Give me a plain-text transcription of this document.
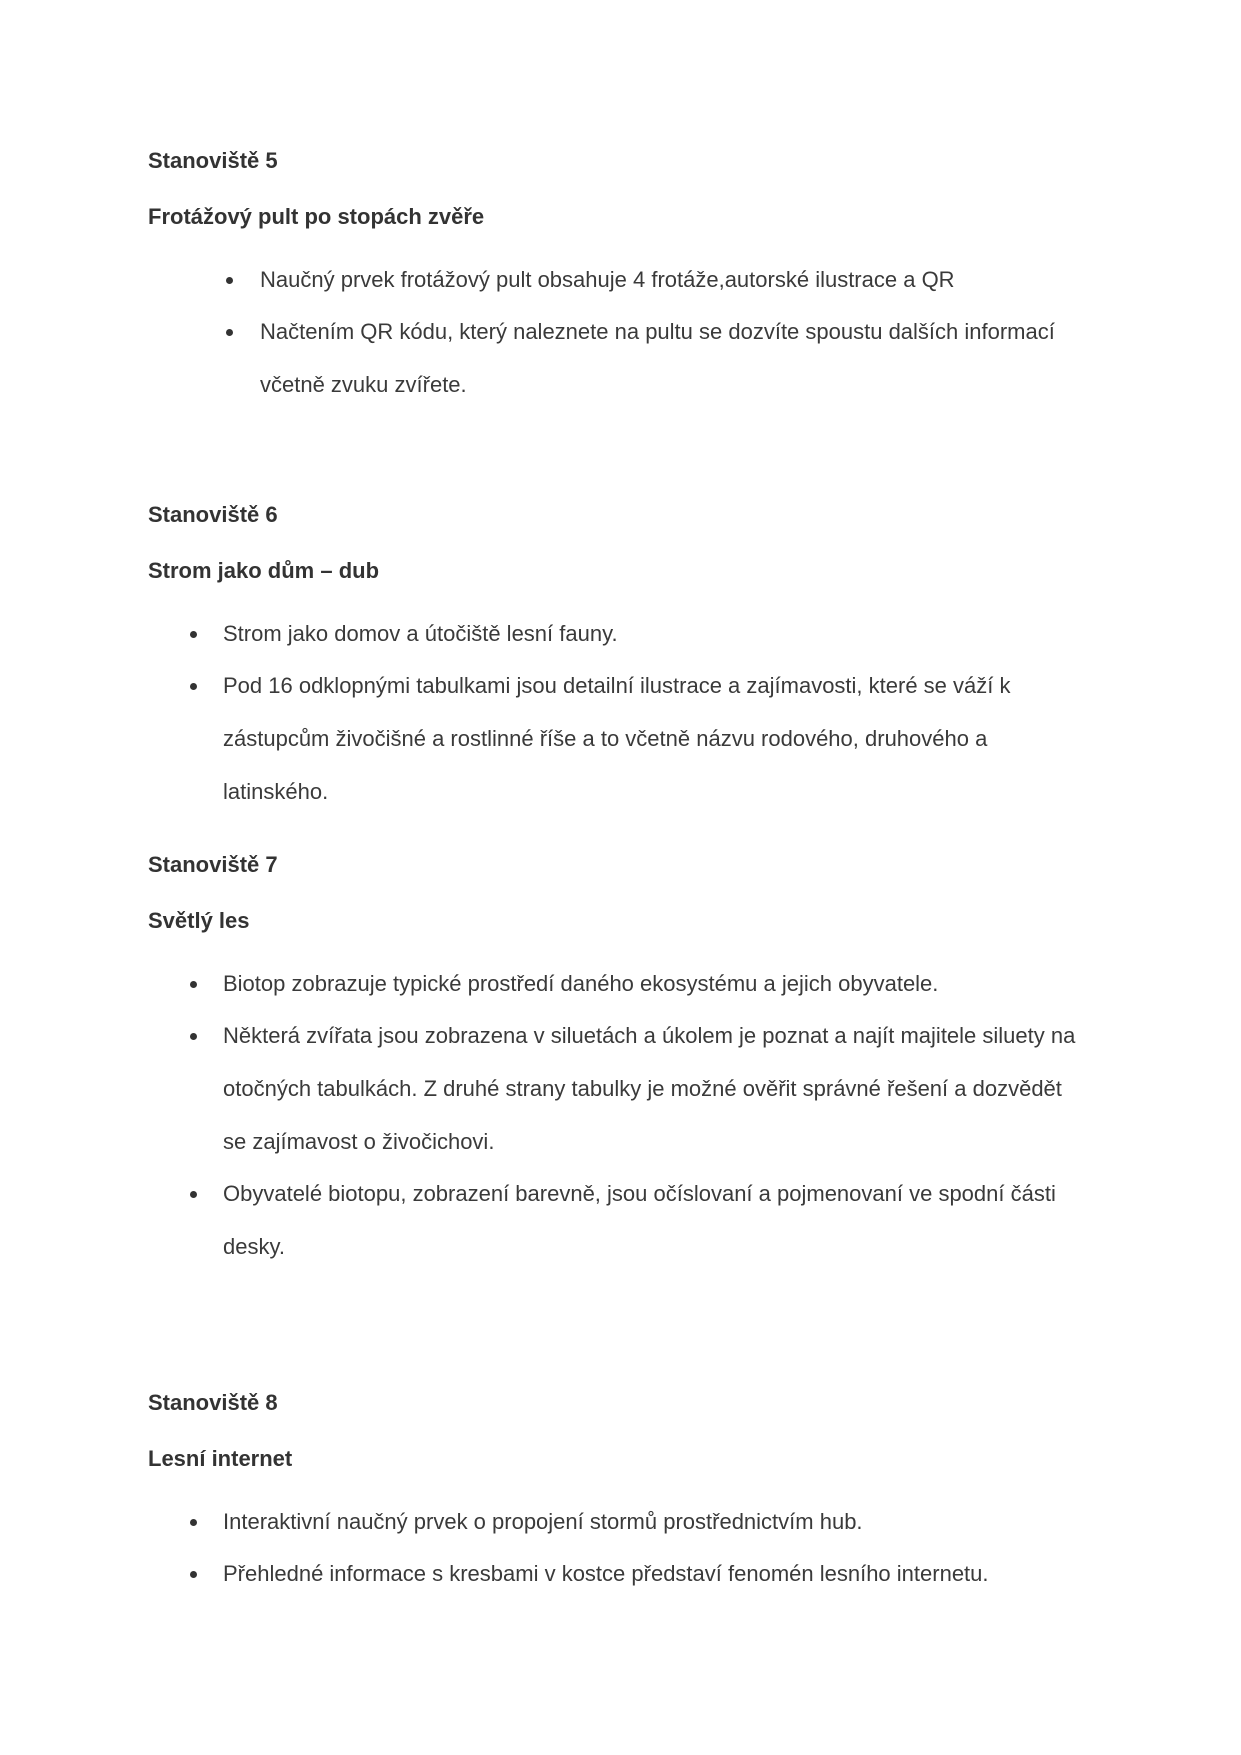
Stanoviště 5

Frotážový pult po stopách zvěře

Naučný prvek frotážový pult obsahuje 4 frotáže,autorské ilustrace a QR
Načtením QR kódu, který naleznete na pultu se dozvíte spoustu dalších informací včetně zvuku zvířete.

Stanoviště 6

Strom jako dům – dub

Strom jako domov a útočiště lesní fauny.
Pod 16 odklopnými tabulkami jsou detailní ilustrace a zajímavosti, které se váží k zástupcům živočišné a rostlinné říše a to včetně názvu rodového, druhového a latinského.

Stanoviště 7

Světlý les

Biotop zobrazuje typické prostředí daného ekosystému a jejich obyvatele.
Některá zvířata jsou zobrazena v siluetách a úkolem je poznat a najít majitele siluety na otočných tabulkách. Z druhé strany tabulky je možné ověřit správné řešení a dozvědět se zajímavost o živočichovi.
Obyvatelé biotopu, zobrazení barevně, jsou očíslovaní a pojmenovaní ve spodní části desky.

Stanoviště 8

Lesní internet

Interaktivní naučný prvek o propojení stormů prostřednictvím hub.
Přehledné informace s kresbami v kostce představí fenomén lesního internetu.
